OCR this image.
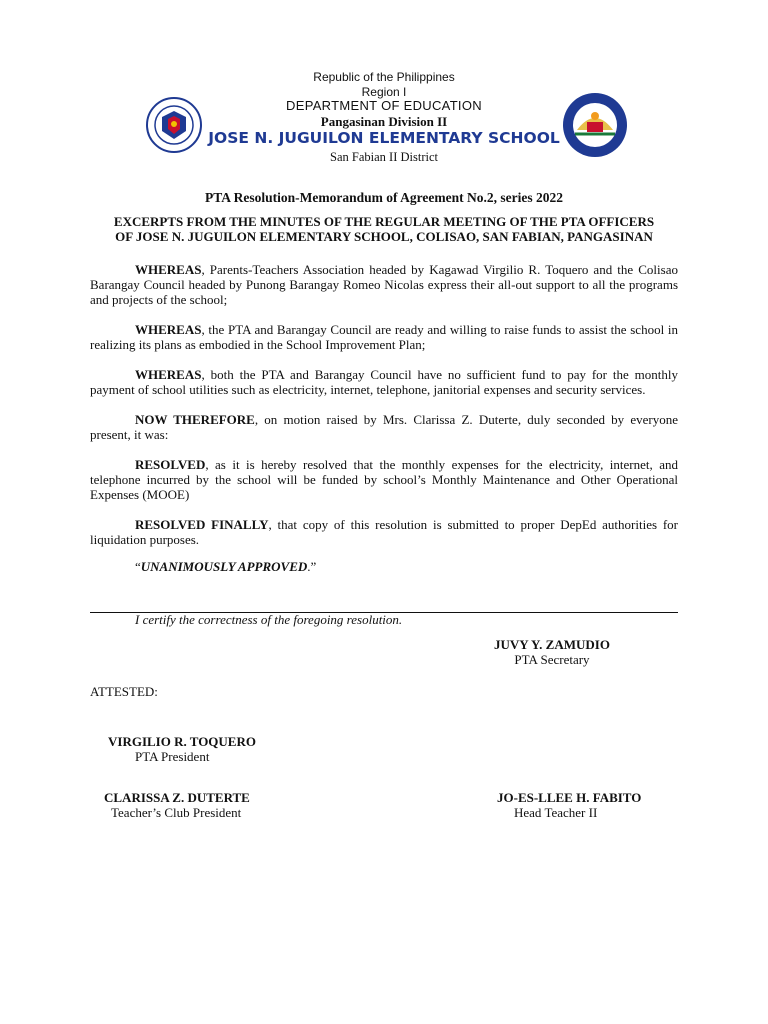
Republic of the Philippines
Region I
DEPARTMENT OF EDUCATION
Pangasinan Division II
JOSE N. JUGUILON ELEMENTARY SCHOOL
San Fabian II District
PTA Resolution-Memorandum of Agreement No.2, series 2022
EXCERPTS FROM THE MINUTES OF THE REGULAR MEETING OF THE PTA OFFICERS
OF JOSE N. JUGUILON ELEMENTARY SCHOOL, COLISAO, SAN FABIAN, PANGASINAN

WHEREAS, Parents-Teachers Association headed by Kagawad Virgilio R. Toquero and the Colisao Barangay Council headed by Punong Barangay Romeo Nicolas express their all-out support to all the programs and projects of the school;

WHEREAS, the PTA and Barangay Council are ready and willing to raise funds to assist the school in realizing its plans as embodied in the School Improvement Plan;

WHEREAS, both the PTA and Barangay Council have no sufficient fund to pay for the monthly payment of school utilities such as electricity, internet, telephone, janitorial expenses and security services.

NOW THEREFORE, on motion raised by Mrs. Clarissa Z. Duterte, duly seconded by everyone present, it was:

RESOLVED, as it is hereby resolved that the monthly expenses for the electricity, internet, and telephone incurred by the school will be funded by school’s Monthly Maintenance and Other Operational Expenses (MOOE)

RESOLVED FINALLY, that copy of this resolution is submitted to proper DepEd authorities for liquidation purposes.

“UNANIMOUSLY APPROVED.”
I certify the correctness of the foregoing resolution.
JUVY Y. ZAMUDIO
PTA Secretary
ATTESTED:
VIRGILIO R. TOQUERO
PTA President
CLARISSA Z. DUTERTE
Teacher’s Club President
JO-ES-LLEE H. FABITO
Head Teacher II
